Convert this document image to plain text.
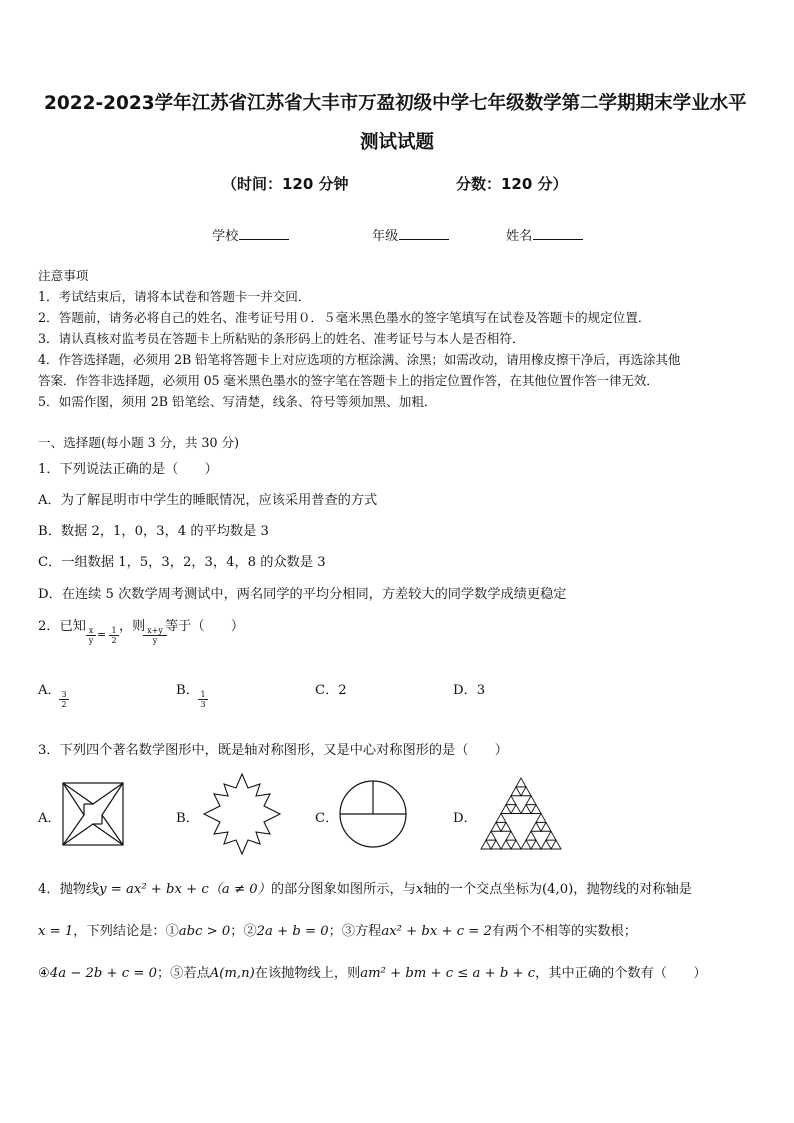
2022-2023学年江苏省江苏省大丰市万盈初级中学七年级数学第二学期期末学业水平
测试试题
（时间：120 分钟	分数：120 分）
学校	年级	姓名
注意事项
1．考试结束后，请将本试卷和答题卡一并交回．
2．答题前，请务必将自己的姓名、准考证号用０．５毫米黑色墨水的签字笔填写在试卷及答题卡的规定位置．
3．请认真核对监考员在答题卡上所粘贴的条形码上的姓名、准考证号与本人是否相符．
4．作答选择题，必须用 2B 铅笔将答题卡上对应选项的方框涂满、涂黑；如需改动，请用橡皮擦干净后，再选涂其他
答案．作答非选择题，必须用 05 毫米黑色墨水的签字笔在答题卡上的指定位置作答，在其他位置作答一律无效．
5．如需作图，须用 2B 铅笔绘、写清楚，线条、符号等须加黑、加粗．
一、选择题(每小题 3 分，共 30 分)
1．下列说法正确的是（　　）
A．为了解昆明市中学生的睡眠情况，应该采用普查的方式
B．数据 2，1，0，3，4 的平均数是 3
C．一组数据 1，5，3，2，3，4，8 的众数是 3
D．在连续 5 次数学周考测试中，两名同学的平均分相同，方差较大的同学数学成绩更稳定
2．已知 x
y = 1
2
，则 x+y
y
等于（　　）
A． 3
2
B． 1
3
C．2	D．3
3．下列四个著名数学图形中，既是轴对称图形，又是中心对称图形的是（　　）
A．	B．	C．	D．
4．抛物线y = ax² + bx + c（a ≠ 0）的部分图象如图所示，与x轴的一个交点坐标为(4,0)，抛物线的对称轴是
x = 1，下列结论是：①abc > 0；②2a + b = 0；③方程ax² + bx + c = 2有两个不相等的实数根；
④4a − 2b + c = 0；⑤若点A(m,n)在该抛物线上，则am² + bm + c ≤ a + b + c，其中正确的个数有（　　）
